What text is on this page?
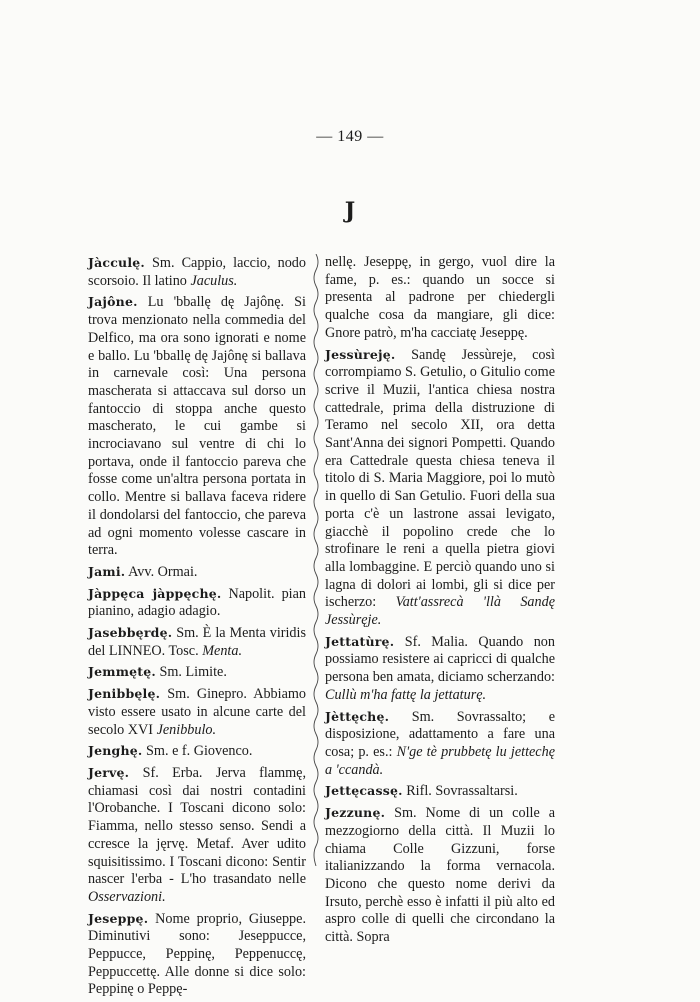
— 149 —
J

Jàcculę. Sm. Cappio, laccio, nodo scorsoio. Il latino Jaculus.

Jajône. Lu 'bballę dę Jajônę. Si trova menzionato nella commedia del Delfico, ma ora sono ignorati e nome e ballo. Lu 'bballę dę Jajônę si ballava in carnevale così: Una persona mascherata si attaccava sul dorso un fantoccio di stoppa anche questo mascherato, le cui gambe si incrociavano sul ventre di chi lo portava, onde il fantoccio pareva che fosse come un'altra persona portata in collo. Mentre si ballava faceva ridere il dondolarsi del fantoccio, che pareva ad ogni momento volesse cascare in terra.

Jami. Avv. Ormai.

Jàppęca jàppęchę. Napolit. pian pianino, adagio adagio.

Jasebbęrdę. Sm. È la Menta viridis del LINNEO. Tosc. Menta.

Jemmętę. Sm. Limite.

Jenibbęlę. Sm. Ginepro. Abbiamo visto essere usato in alcune carte del secolo XVI Jenibbulo.

Jenghę. Sm. e f. Giovenco.

Jervę. Sf. Erba. Jerva flammę, chiamasi così dai nostri contadini l'Orobanche. I Toscani dicono solo: Fiamma, nello stesso senso. Sendi a ccresce la jęrvę. Metaf. Aver udito squisitissimo. I Toscani dicono: Sentir nascer l'erba - L'ho trasandato nelle Osservazioni.

Jeseppę. Nome proprio, Giuseppe. Diminutivi sono: Jeseppucce, Peppucce, Peppinę, Peppenuccę, Peppuccettę. Alle donne si dice solo: Peppinę o Peppę-

nellę. Jeseppę, in gergo, vuol dire la fame, p. es.: quando un socce si presenta al padrone per chiedergli qualche cosa da mangiare, gli dice: Gnore patrò, m'ha cacciatę Jeseppę.

Jessùreję. Sandę Jessùreje, così corrompiamo S. Getulio, o Gitulio come scrive il Muzii, l'antica chiesa nostra cattedrale, prima della distruzione di Teramo nel secolo XII, ora detta Sant'Anna dei signori Pompetti. Quando era Cattedrale questa chiesa teneva il titolo di S. Maria Maggiore, poi lo mutò in quello di San Getulio. Fuori della sua porta c'è un lastrone assai levigato, giacchè il popolino crede che lo strofinare le reni a quella pietra giovi alla lombaggine. E perciò quando uno si lagna di dolori ai lombi, gli si dice per ischerzo: Vatt'assrecà 'llà Sandę Jessùręje.

Jettatùrę. Sf. Malia. Quando non possiamo resistere ai capricci di qualche persona ben amata, diciamo scherzando: Cullù m'ha fattę la jettaturę.

Jèttęchę. Sm. Sovrassalto; e disposizione, adattamento a fare una cosa; p. es.: N'ge tè prubbetę lu jettechę a 'ccandà.

Jettęcassę. Rifl. Sovrassaltarsi.

Jezzunę. Sm. Nome di un colle a mezzogiorno della città. Il Muzii lo chiama Colle Gizzuni, forse italianizzando la forma vernacola. Dicono che questo nome derivi da Irsuto, perchè esso è infatti il più alto ed aspro colle di quelli che circondano la città. Sopra
